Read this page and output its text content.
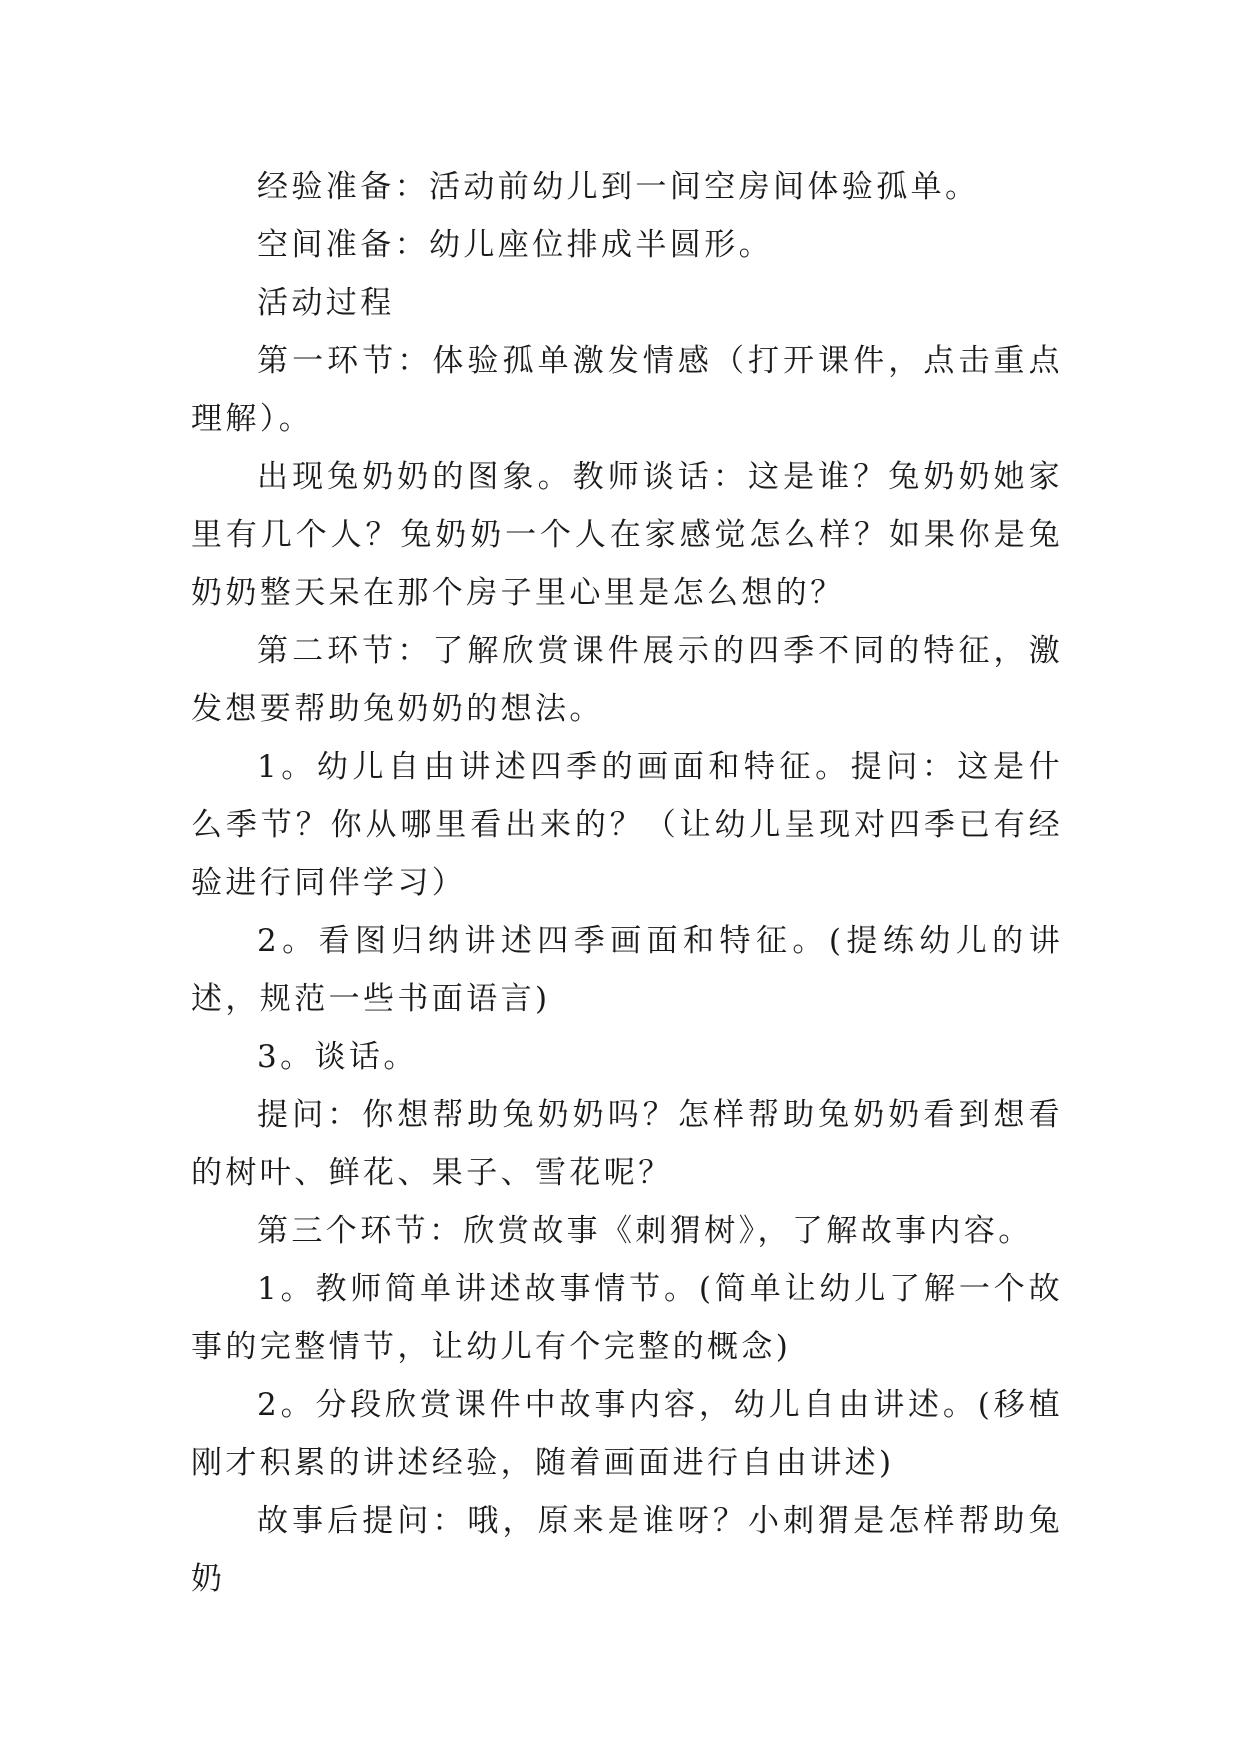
经验准备：活动前幼儿到一间空房间体验孤单。

空间准备：幼儿座位排成半圆形。

活动过程

第一环节：体验孤单激发情感（打开课件，点击重点理解）。

出现兔奶奶的图象。教师谈话：这是谁？兔奶奶她家里有几个人？兔奶奶一个人在家感觉怎么样？如果你是兔奶奶整天呆在那个房子里心里是怎么想的？

第二环节：了解欣赏课件展示的四季不同的特征，激发想要帮助兔奶奶的想法。

1。幼儿自由讲述四季的画面和特征。提问：这是什么季节？你从哪里看出来的？（让幼儿呈现对四季已有经验进行同伴学习）

2。看图归纳讲述四季画面和特征。(提练幼儿的讲述，规范一些书面语言)

3。谈话。

提问：你想帮助兔奶奶吗？怎样帮助兔奶奶看到想看的树叶、鲜花、果子、雪花呢？

第三个环节：欣赏故事《刺猬树》，了解故事内容。

1。教师简单讲述故事情节。(简单让幼儿了解一个故事的完整情节，让幼儿有个完整的概念)

2。分段欣赏课件中故事内容，幼儿自由讲述。(移植刚才积累的讲述经验，随着画面进行自由讲述)

故事后提问：哦，原来是谁呀？小刺猬是怎样帮助兔奶
